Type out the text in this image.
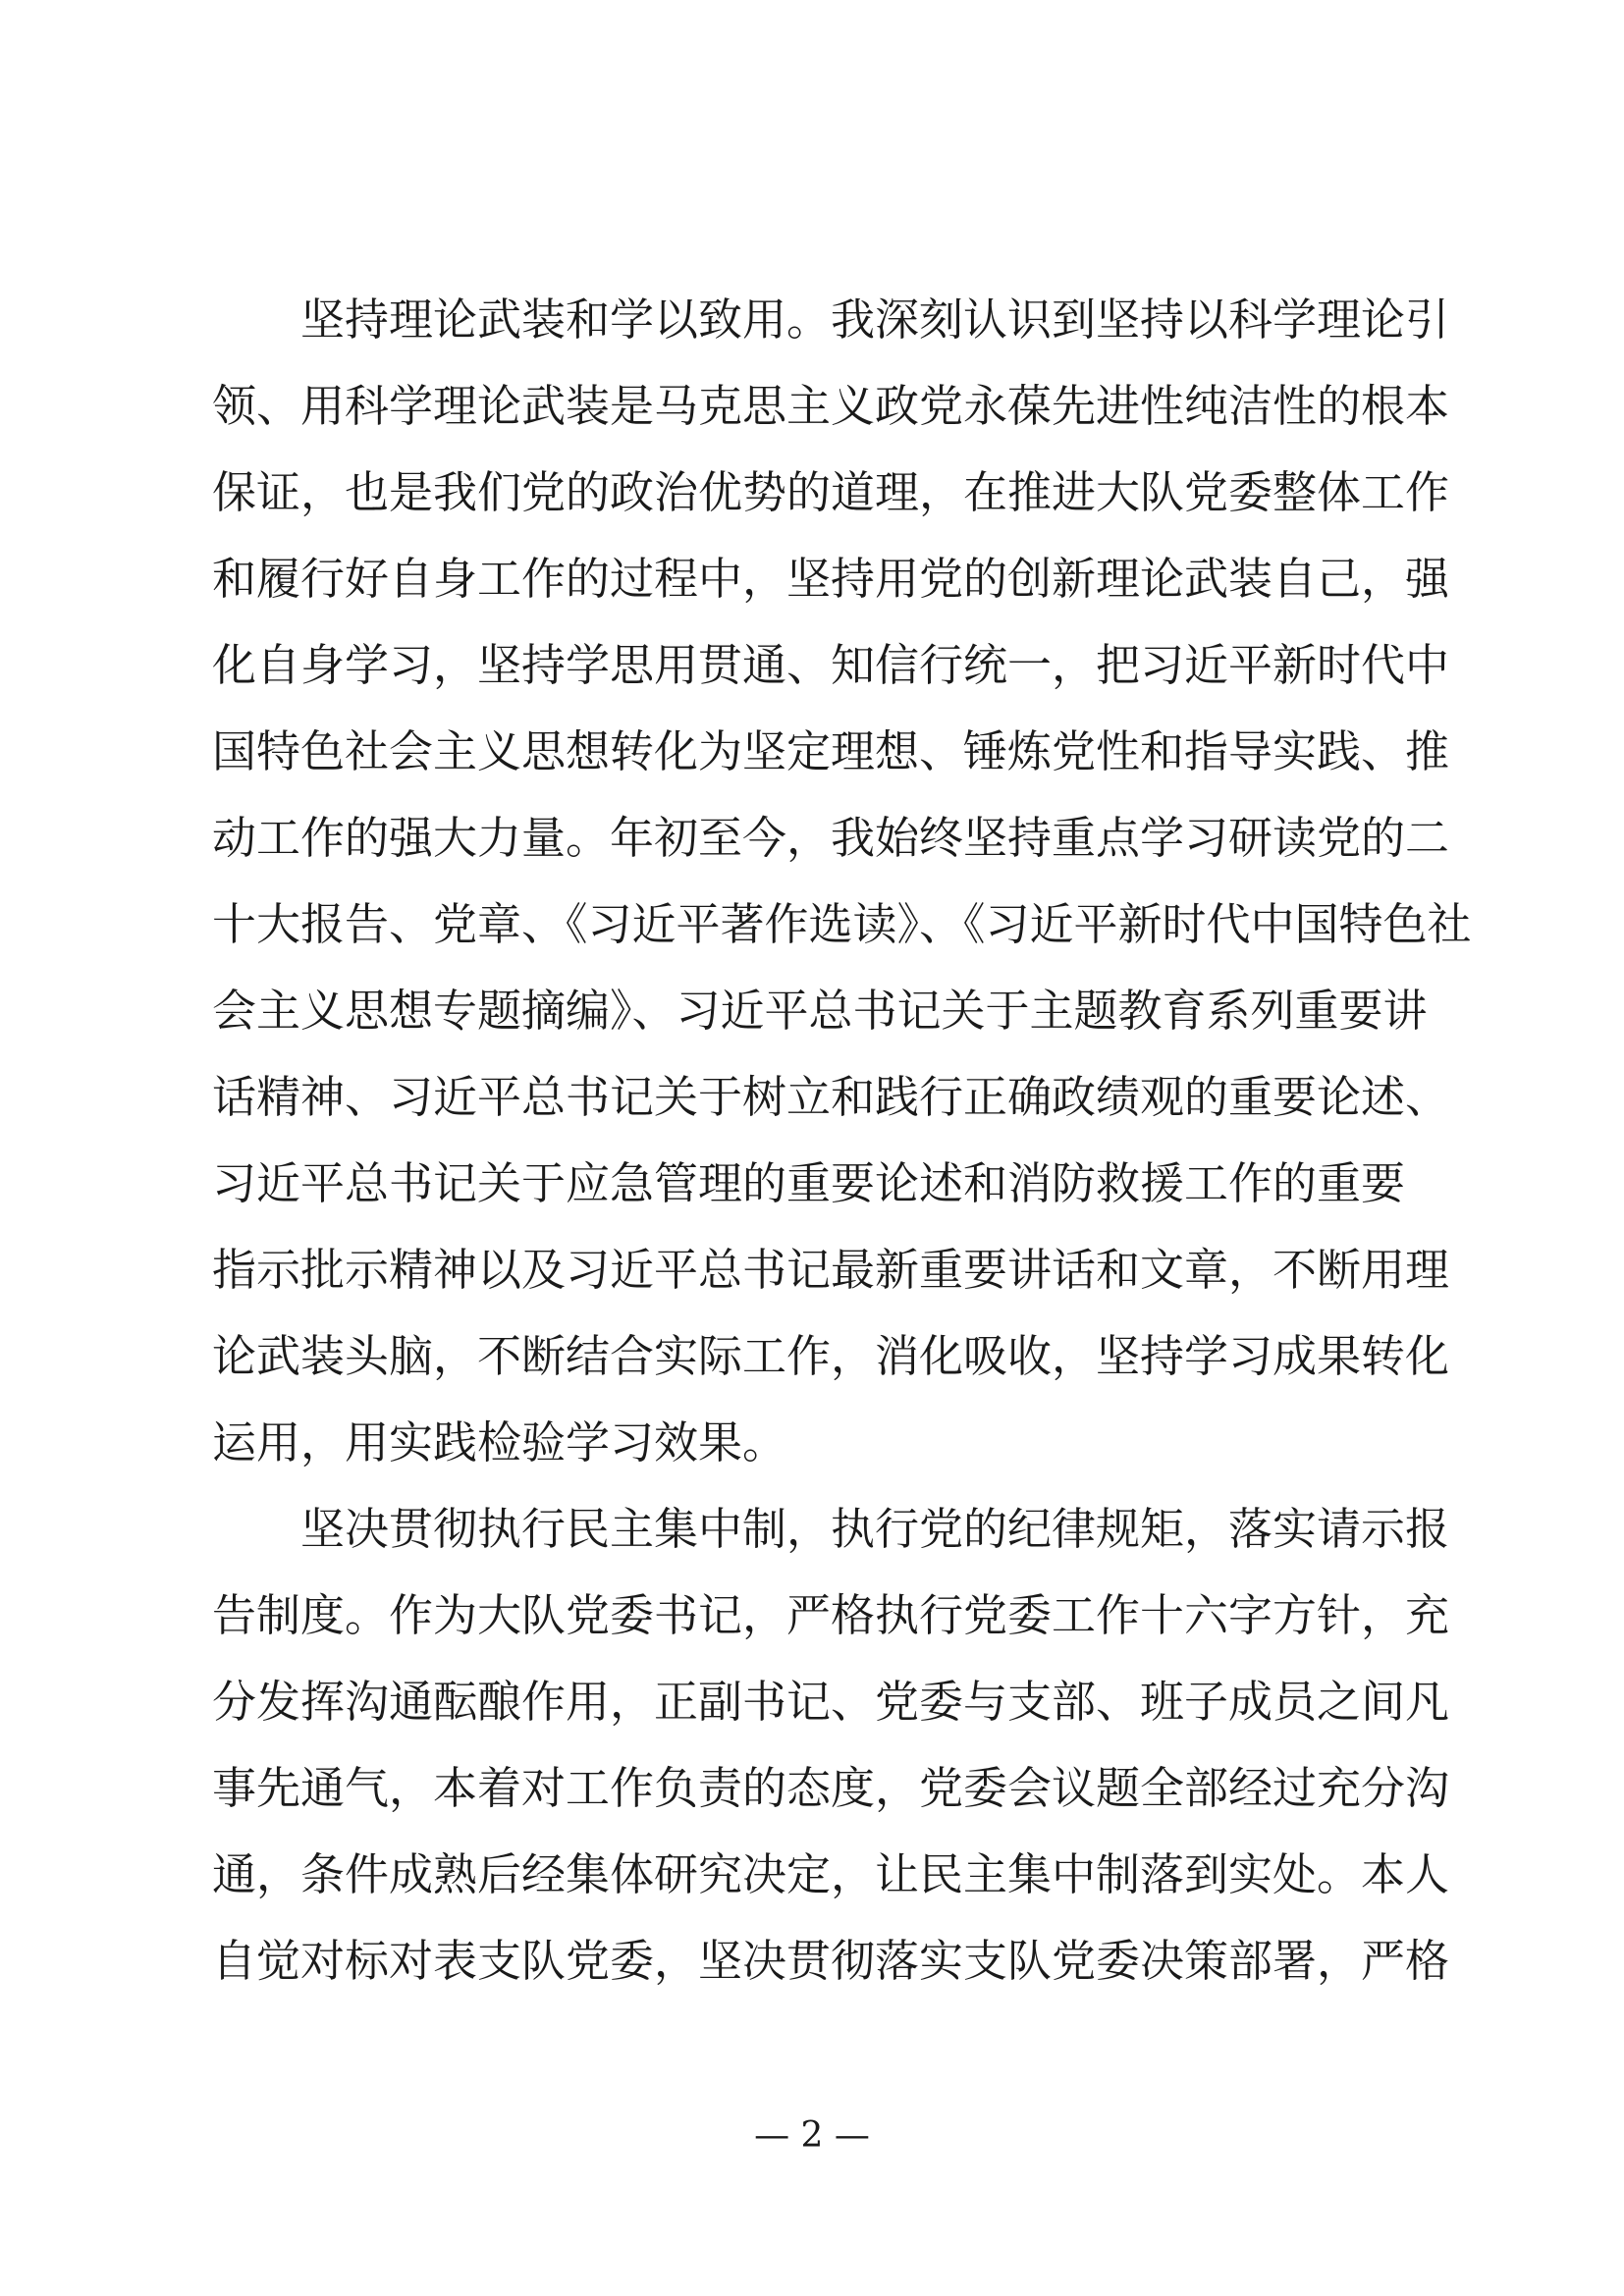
坚持理论武装和学以致用。我深刻认识到坚持以科学理论引
领、用科学理论武装是马克思主义政党永葆先进性纯洁性的根本
保证，也是我们党的政治优势的道理，在推进大队党委整体工作
和履行好自身工作的过程中，坚持用党的创新理论武装自己，强
化自身学习，坚持学思用贯通、知信行统一，把习近平新时代中
国特色社会主义思想转化为坚定理想、锤炼党性和指导实践、推
动工作的强大力量。年初至今，我始终坚持重点学习研读党的二
十大报告、党章、《习近平著作选读》、《习近平新时代中国特色社
会主义思想专题摘编》、习近平总书记关于主题教育系列重要讲
话精神、习近平总书记关于树立和践行正确政绩观的重要论述、
习近平总书记关于应急管理的重要论述和消防救援工作的重要
指示批示精神以及习近平总书记最新重要讲话和文章，不断用理
论武装头脑，不断结合实际工作，消化吸收，坚持学习成果转化
运用，用实践检验学习效果。
坚决贯彻执行民主集中制，执行党的纪律规矩，落实请示报
告制度。作为大队党委书记，严格执行党委工作十六字方针，充
分发挥沟通酝酿作用，正副书记、党委与支部、班子成员之间凡
事先通气，本着对工作负责的态度，党委会议题全部经过充分沟
通，条件成熟后经集体研究决定，让民主集中制落到实处。本人
自觉对标对表支队党委，坚决贯彻落实支队党委决策部署，严格
— 2 —
